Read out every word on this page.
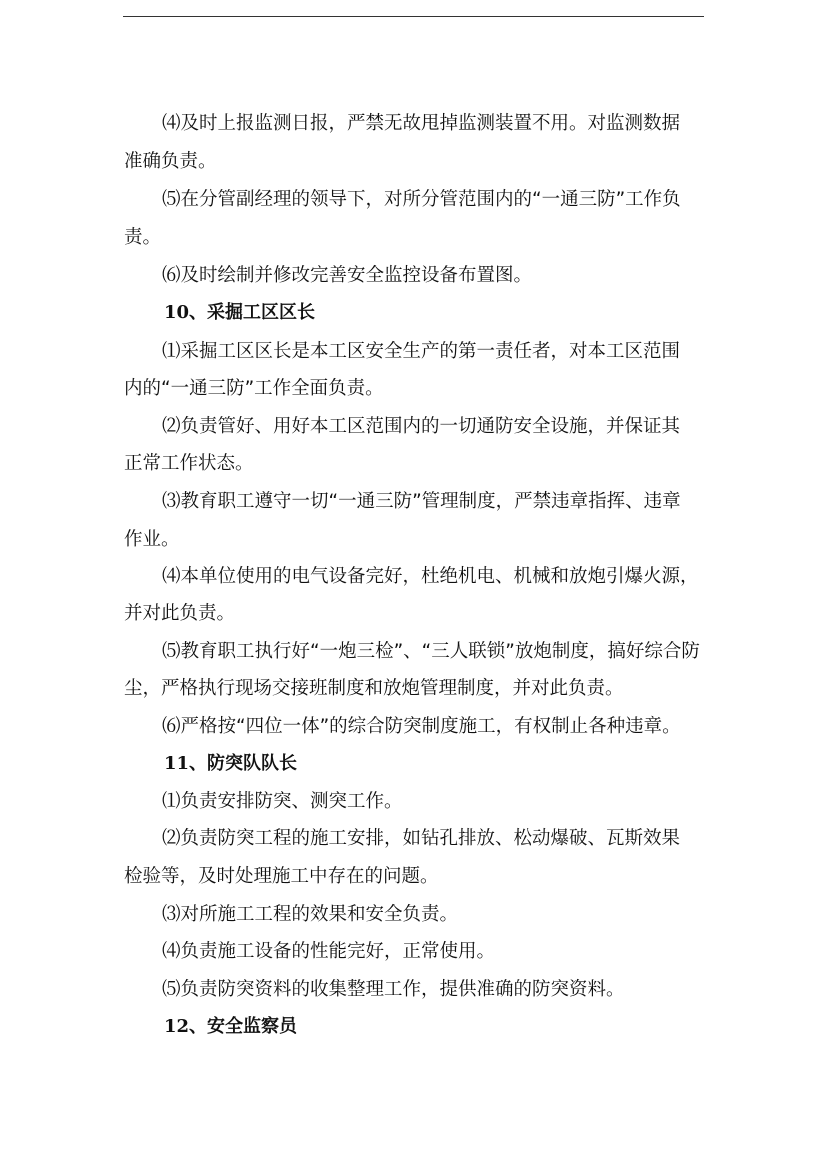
⑷及时上报监测日报，严禁无故甩掉监测装置不用。对监测数据
准确负责。
⑸在分管副经理的领导下，对所分管范围内的“一通三防”工作负
责。
⑹及时绘制并修改完善安全监控设备布置图。
10、采掘工区区长
⑴采掘工区区长是本工区安全生产的第一责任者，对本工区范围
内的“一通三防”工作全面负责。
⑵负责管好、用好本工区范围内的一切通防安全设施，并保证其
正常工作状态。
⑶教育职工遵守一切“一通三防”管理制度，严禁违章指挥、违章
作业。
⑷本单位使用的电气设备完好，杜绝机电、机械和放炮引爆火源，
并对此负责。
⑸教育职工执行好“一炮三检”、“三人联锁”放炮制度，搞好综合防
尘，严格执行现场交接班制度和放炮管理制度，并对此负责。
⑹严格按“四位一体”的综合防突制度施工，有权制止各种违章。
11、防突队队长
⑴负责安排防突、测突工作。
⑵负责防突工程的施工安排，如钻孔排放、松动爆破、瓦斯效果
检验等，及时处理施工中存在的问题。
⑶对所施工工程的效果和安全负责。
⑷负责施工设备的性能完好，正常使用。
⑸负责防突资料的收集整理工作，提供准确的防突资料。
12、安全监察员
